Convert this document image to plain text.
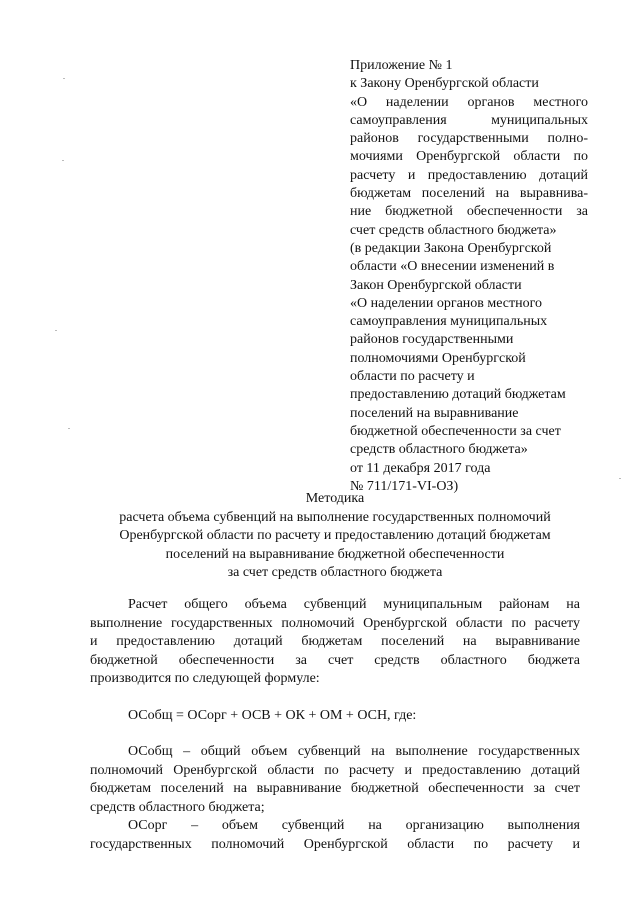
Приложение № 1
к Закону Оренбургской области
«О наделении органов местного
самоуправления муниципальных
районов государственными полно-
мочиями Оренбургской области по
расчету и предоставлению дотаций
бюджетам поселений на выравнива-
ние бюджетной обеспеченности за
счет средств областного бюджета»
(в редакции Закона Оренбургской
области «О внесении изменений в
Закон Оренбургской области
«О наделении органов местного
самоуправления муниципальных
районов государственными
полномочиями Оренбургской
области по расчету и
предоставлению дотаций бюджетам
поселений на выравнивание
бюджетной обеспеченности за счет
средств областного бюджета»
от 11 декабря 2017 года
№ 711/171-VI-ОЗ)
Методика
расчета объема субвенций на выполнение государственных полномочий
Оренбургской области по расчету и предоставлению дотаций бюджетам
поселений на выравнивание бюджетной обеспеченности
за счет средств областного бюджета
Расчет общего объема субвенций муниципальным районам на
выполнение государственных полномочий Оренбургской области по расчету
и предоставлению дотаций бюджетам поселений на выравнивание
бюджетной обеспеченности за счет средств областного бюджета
производится по следующей формуле:
ОСобщ = ОСорг + ОСВ + ОК + ОМ + ОСН, где:
ОСобщ – общий объем субвенций на выполнение государственных
полномочий Оренбургской области по расчету и предоставлению дотаций
бюджетам поселений на выравнивание бюджетной обеспеченности за счет
средств областного бюджета;
ОСорг – объем субвенций на организацию выполнения
государственных полномочий Оренбургской области по расчету и
